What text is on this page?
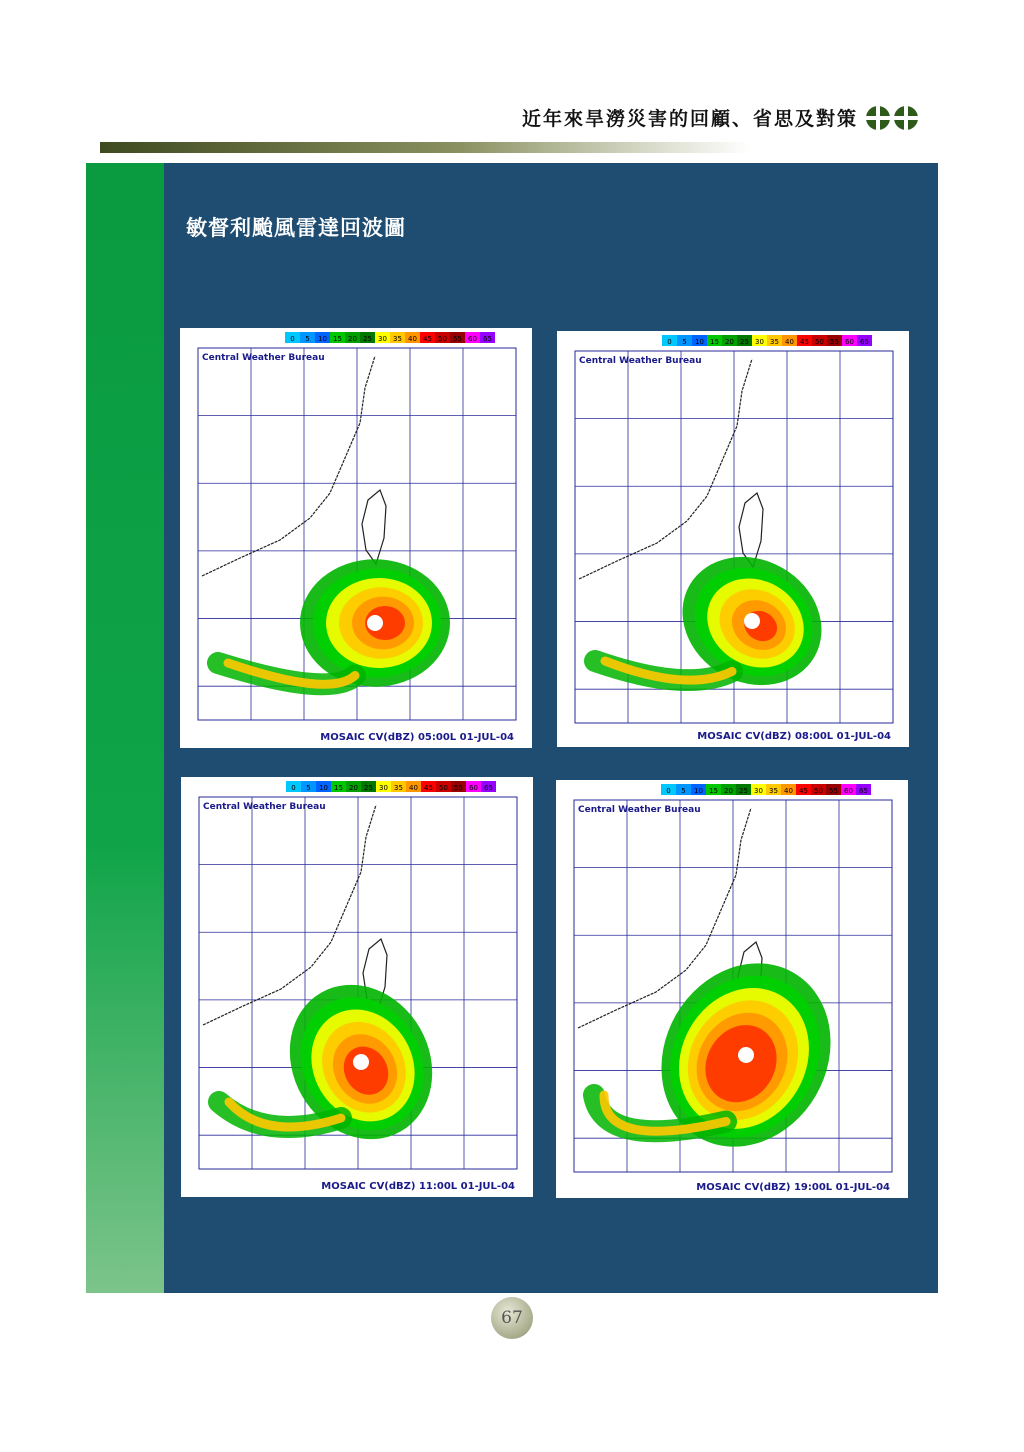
近年來旱澇災害的回顧、省思及對策
敏督利颱風雷達回波圖
0 5 10 15 20 25 30 35 40 45 50 55 60 65
Central Weather Bureau
MOSAIC CV(dBZ) 05:00L 01-JUL-04
0 5 10 15 20 25 30 35 40 45 50 55 60 65
Central Weather Bureau
MOSAIC CV(dBZ) 08:00L 01-JUL-04
0 5 10 15 20 25 30 35 40 45 50 55 60 65
Central Weather Bureau
MOSAIC CV(dBZ) 11:00L 01-JUL-04
0 5 10 15 20 25 30 35 40 45 50 55 60 65
Central Weather Bureau
MOSAIC CV(dBZ) 19:00L 01-JUL-04
67
